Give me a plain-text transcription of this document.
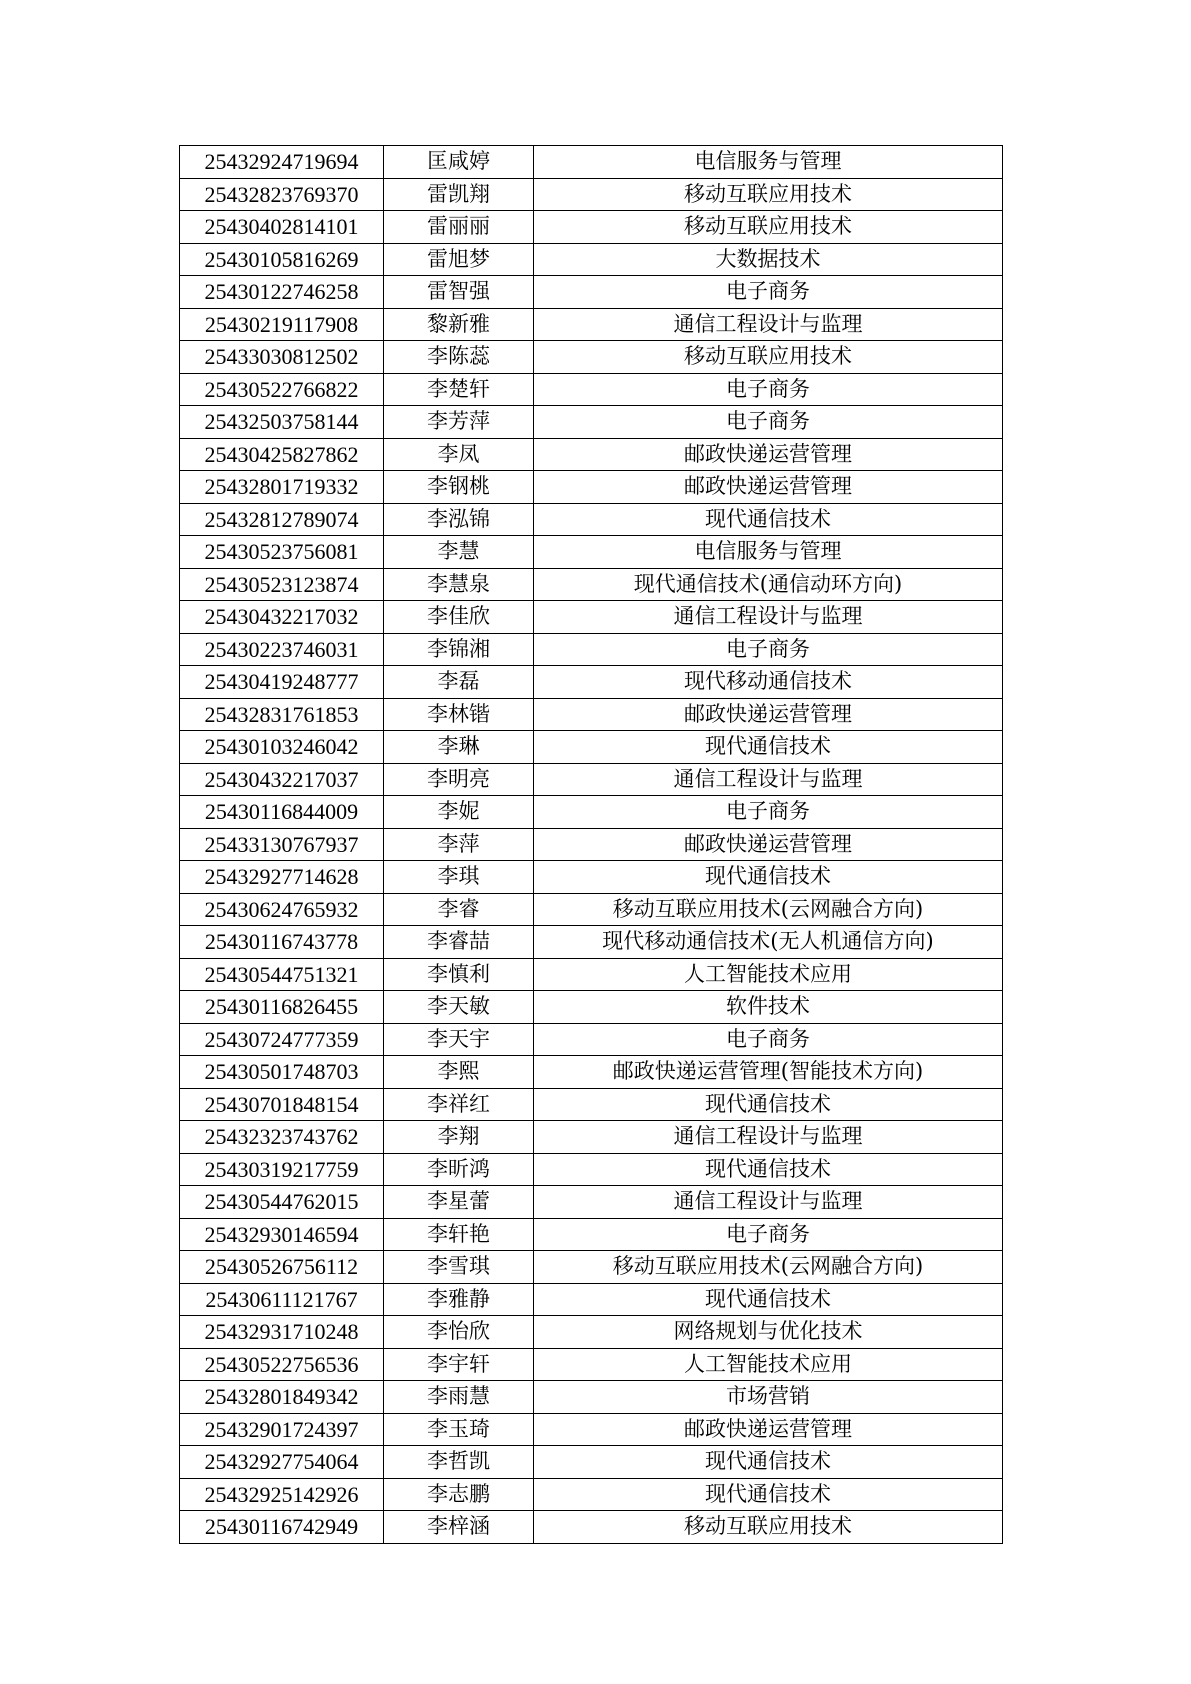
25432924719694	匡咸婷	电信服务与管理
25432823769370	雷凯翔	移动互联应用技术
25430402814101	雷丽丽	移动互联应用技术
25430105816269	雷旭梦	大数据技术
25430122746258	雷智强	电子商务
25430219117908	黎新雅	通信工程设计与监理
25433030812502	李陈蕊	移动互联应用技术
25430522766822	李楚轩	电子商务
25432503758144	李芳萍	电子商务
25430425827862	李凤	邮政快递运营管理
25432801719332	李钢桃	邮政快递运营管理
25432812789074	李泓锦	现代通信技术
25430523756081	李慧	电信服务与管理
25430523123874	李慧泉	现代通信技术(通信动环方向)
25430432217032	李佳欣	通信工程设计与监理
25430223746031	李锦湘	电子商务
25430419248777	李磊	现代移动通信技术
25432831761853	李林锴	邮政快递运营管理
25430103246042	李琳	现代通信技术
25430432217037	李明亮	通信工程设计与监理
25430116844009	李妮	电子商务
25433130767937	李萍	邮政快递运营管理
25432927714628	李琪	现代通信技术
25430624765932	李睿	移动互联应用技术(云网融合方向)
25430116743778	李睿喆	现代移动通信技术(无人机通信方向)
25430544751321	李慎利	人工智能技术应用
25430116826455	李天敏	软件技术
25430724777359	李天宇	电子商务
25430501748703	李熙	邮政快递运营管理(智能技术方向)
25430701848154	李祥红	现代通信技术
25432323743762	李翔	通信工程设计与监理
25430319217759	李昕鸿	现代通信技术
25430544762015	李星蕾	通信工程设计与监理
25432930146594	李轩艳	电子商务
25430526756112	李雪琪	移动互联应用技术(云网融合方向)
25430611121767	李雅静	现代通信技术
25432931710248	李怡欣	网络规划与优化技术
25430522756536	李宇轩	人工智能技术应用
25432801849342	李雨慧	市场营销
25432901724397	李玉琦	邮政快递运营管理
25432927754064	李哲凯	现代通信技术
25432925142926	李志鹏	现代通信技术
25430116742949	李梓涵	移动互联应用技术
